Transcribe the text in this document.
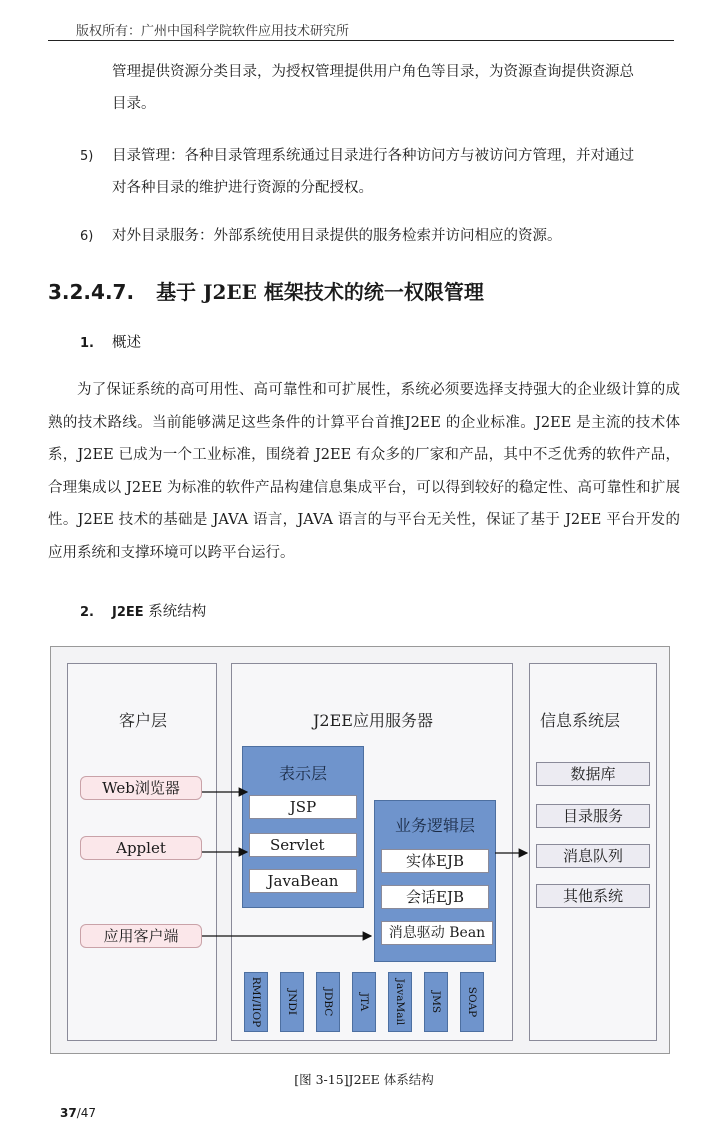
版权所有：广州中国科学院软件应用技术研究所
管理提供资源分类目录，为授权管理提供用户角色等目录，为资源查询提供资源总
目录。
5) 目录管理：各种目录管理系统通过目录进行各种访问方与被访问方管理，并对通过
对各种目录的维护进行资源的分配授权。
6) 对外目录服务：外部系统使用目录提供的服务检索并访问相应的资源。
3.2.4.7. 基于 J2EE 框架技术的统一权限管理
1. 概述
为了保证系统的高可用性、高可靠性和可扩展性，系统必须要选择支持强大的企业级计算的成熟的技术路线。当前能够满足这些条件的计算平台首推J2EE 的企业标准。J2EE 是主流的技术体系，J2EE 已成为一个工业标准，围绕着 J2EE 有众多的厂家和产品，其中不乏优秀的软件产品，合理集成以 J2EE 为标准的软件产品构建信息集成平台，可以得到较好的稳定性、高可靠性和扩展性。J2EE 技术的基础是 JAVA 语言，JAVA 语言的与平台无关性，保证了基于 J2EE 平台开发的应用系统和支撑环境可以跨平台运行。
2. J2EE 系统结构
客户层
Web浏览器
Applet
应用客户端
J2EE应用服务器
表示层
JSP
Servlet
JavaBean
业务逻辑层
实体EJB
会话EJB
消息驱动 Bean
RMI/IIOP JNDI JDBC JTA JavaMail JMS SOAP
信息系统层
数据库
目录服务
消息队列
其他系统
[图 3-15]J2EE 体系结构
37/47
